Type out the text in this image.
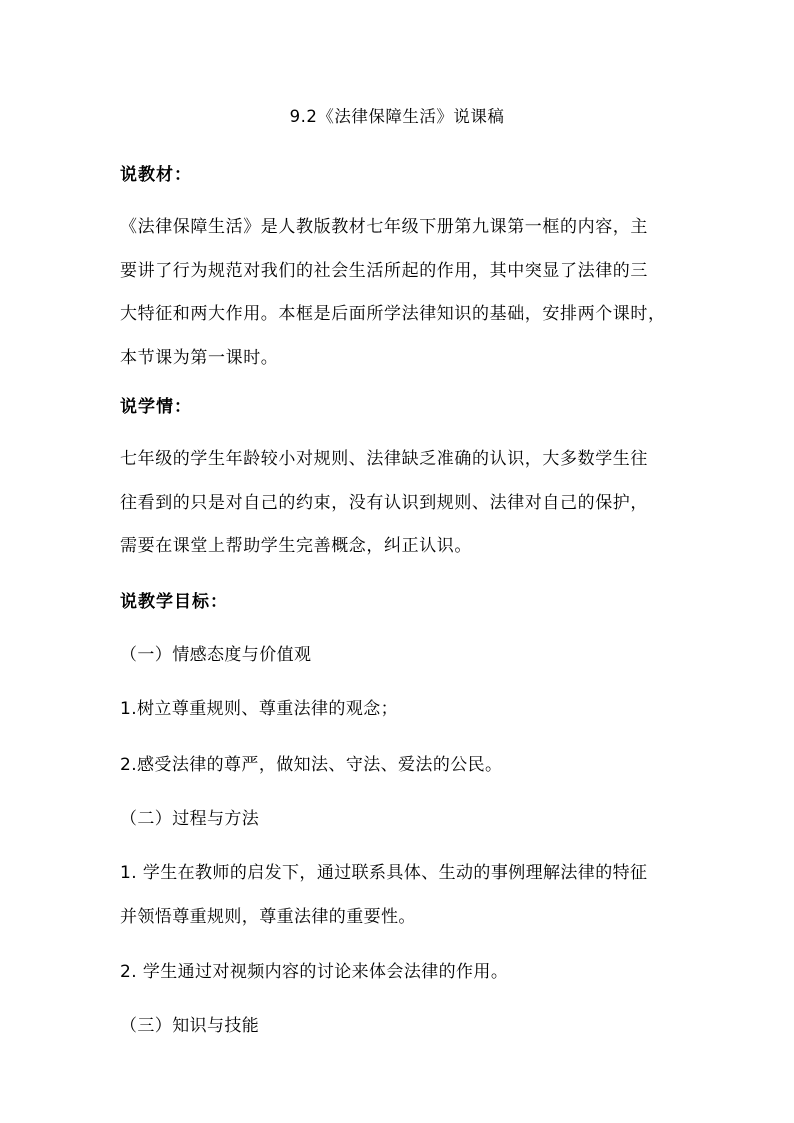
9.2《法律保障生活》说课稿
说教材：
《法律保障生活》是人教版教材七年级下册第九课第一框的内容，主
要讲了行为规范对我们的社会生活所起的作用，其中突显了法律的三
大特征和两大作用。本框是后面所学法律知识的基础，安排两个课时，
本节课为第一课时。
说学情：
七年级的学生年龄较小对规则、法律缺乏准确的认识，大多数学生往
往看到的只是对自己的约束，没有认识到规则、法律对自己的保护，
需要在课堂上帮助学生完善概念，纠正认识。
说教学目标：
（一）情感态度与价值观
1.树立尊重规则、尊重法律的观念；
2.感受法律的尊严，做知法、守法、爱法的公民。
（二）过程与方法
1. 学生在教师的启发下，通过联系具体、生动的事例理解法律的特征
并领悟尊重规则，尊重法律的重要性。
2. 学生通过对视频内容的讨论来体会法律的作用。
（三）知识与技能
